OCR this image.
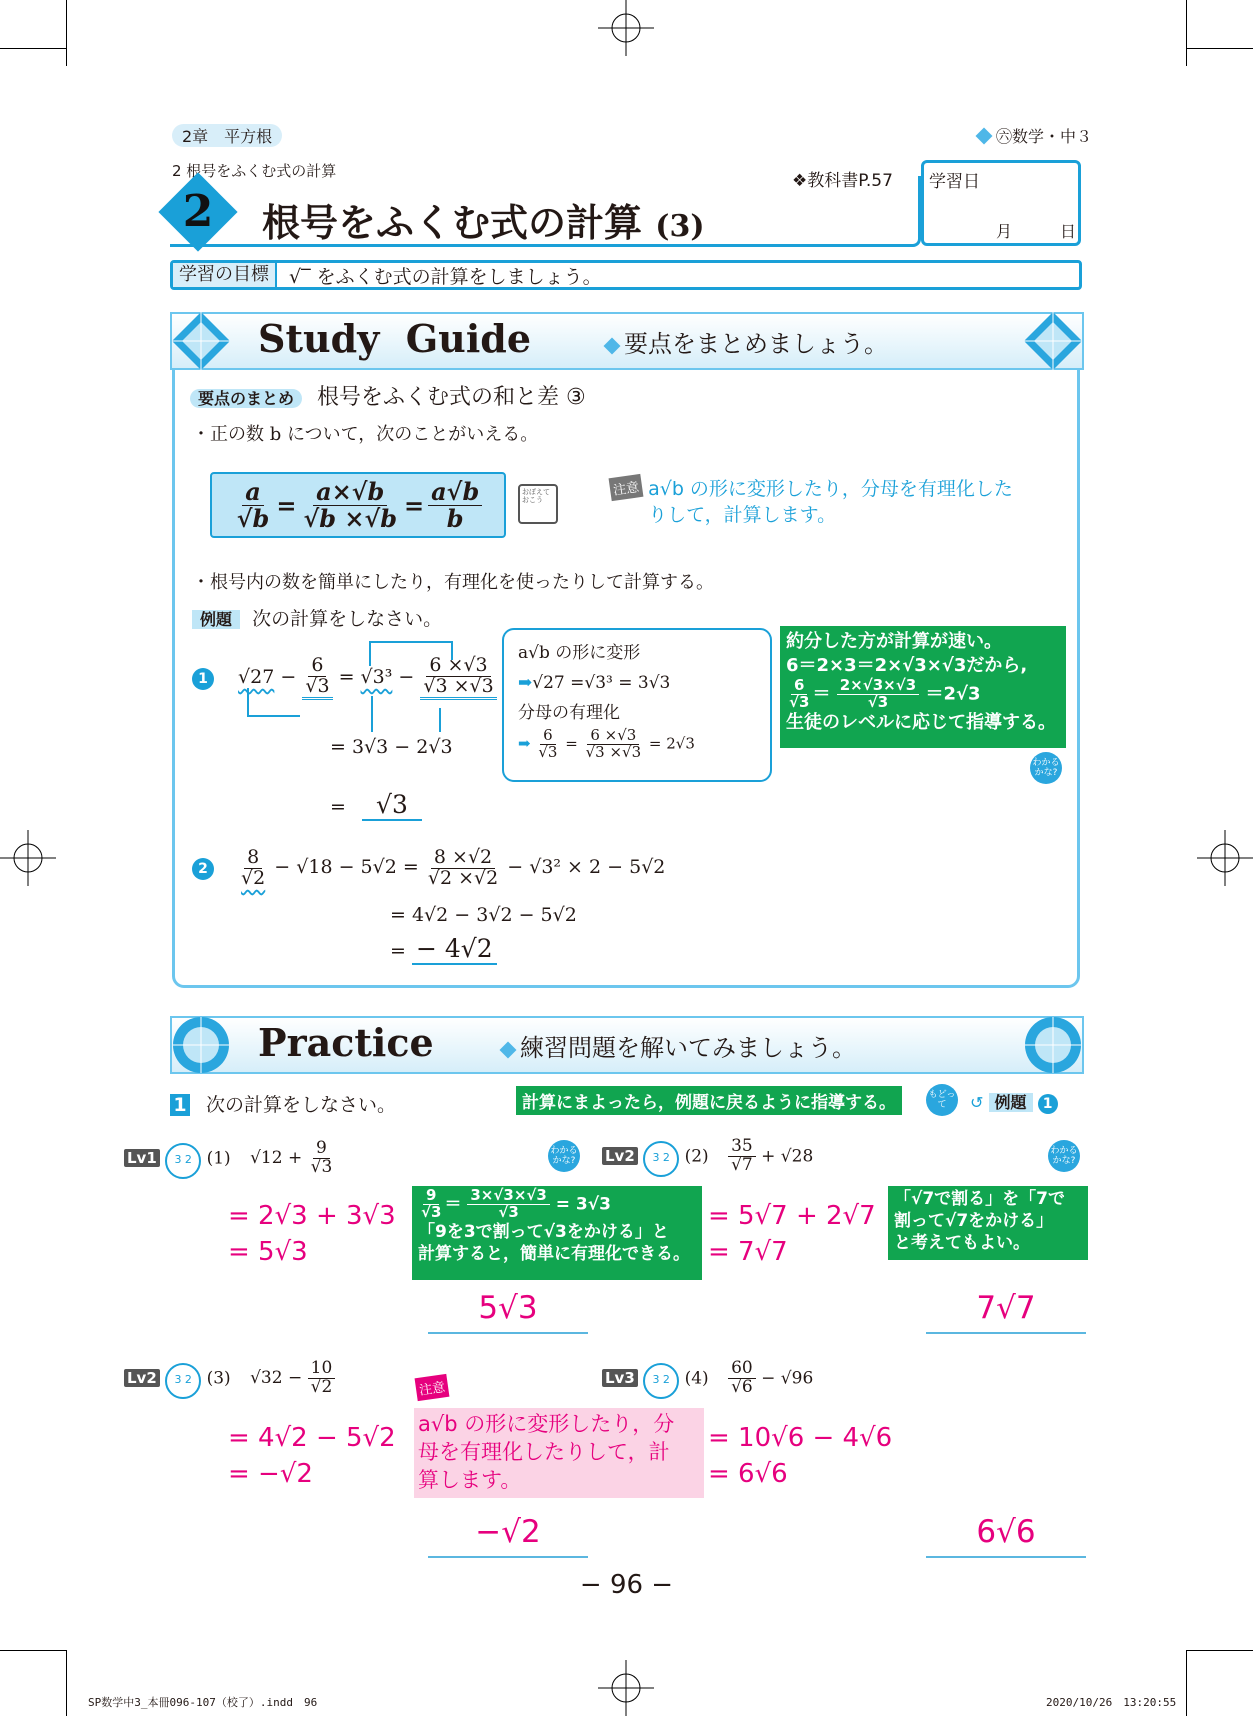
2章　平方根	㊅数学・中３
2 根号をふくむ式の計算
2	根号をふくむ式の計算 (3)
❖教科書P.57 学習日
月	日
学習の目標	√‾ をふくむ式の計算をしましょう。
Study  Guide	要点をまとめましょう。
要点のまとめ 根号をふくむ式の和と差 ③
・正の数 b について，次のことがいえる。
$\frac{a}{√b} = \frac{a\times√b}{√b \times√b} = \frac{a√b}{b}$	おぼえておこう
注意 a√b の形に変形したり，分母を有理化した
りして，計算します。
・根号内の数を簡単にしたり，有理化を使ったりして計算する。
例題 次の計算をしなさい。
1 $√27 - \frac{6}{√3} = √3^3 - \frac{6 \times√3}{√3 \times√3}$
= 3√3 − 2√3
= √3
a√b の形に変形
➡√27 =√3³ = 3√3
分母の有理化
➡ $\frac{6}{√3} = \frac{6 \times√3}{√3 \times√3} = 2√3$
約分した方が計算が速い。
6＝2×3＝2×√3×√3だから,
$\frac{6}{√3} = \frac{2\times√3\times√3}{√3} =2√3$
生徒のレベルに応じて指導する。
わかるかな?
$2 \frac{8}{√2} - √18 - 5√2 = \frac{8 \times√2}{√2 \times√2} - √3^2 \times 2 - 5√2$
= 4√2 − 3√2 − 5√2
= − 4√2
Practice	練習問題を解いてみましょう。
1 次の計算をしなさい。	計算にまよったら，例題に戻るように指導する。	もどって	↺ 例題 1
Lv1 3 2 (1) $√12 + \frac{9}{√3}$	わかるかな?
= 2√3 + 3√3
= 5√3
$\frac{9}{√3} = \frac{3\times√3\times√3}{√3} = 3√3$
「9を3で割って√3をかける」と
計算すると，簡単に有理化できる。
5√3
Lv2 3 2 $(2) \frac{35}{√7} + √28$	わかるかな?
= 5√7 + 2√7
= 7√7
「√7で割る」を「7で
割って√7をかける」
と考えてもよい。
7√7
Lv2 3 2 (3) $√32 - \frac{10}{√2}$
= 4√2 − 5√2
= −√2
a√b の形に変形したり，分
母を有理化したりして，計
算します。
注意
−√2
Lv3 3 2 $(4) \frac{60}{√6} - √96$
= 10√6 − 4√6
= 6√6
6√6
− 96 −
SP数学中3_本冊096-107（校了）.indd　96	2020/10/26　13:20:55
